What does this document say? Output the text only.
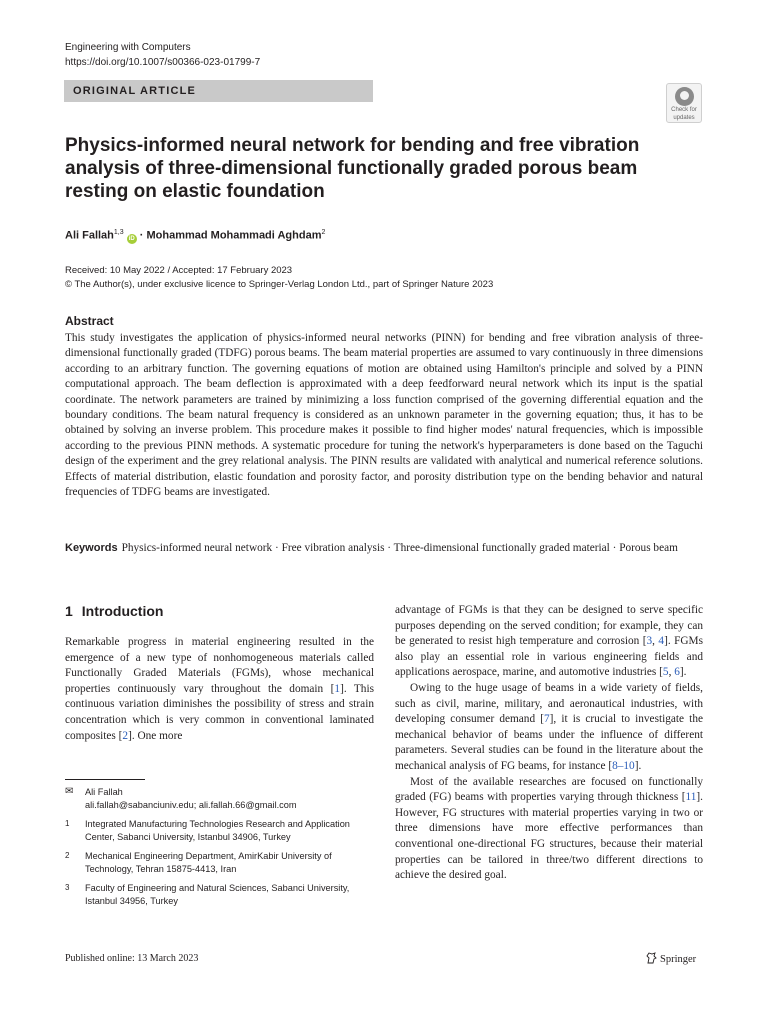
Engineering with Computers
https://doi.org/10.1007/s00366-023-01799-7
ORIGINAL ARTICLE
Check for
updates
Physics-informed neural network for bending and free vibration analysis of three-dimensional functionally graded porous beam resting on elastic foundation
Ali Fallah$^{1,3}$ iD · Mohammad Mohammadi Aghdam$^2$
Received: 10 May 2022 / Accepted: 17 February 2023
© The Author(s), under exclusive licence to Springer-Verlag London Ltd., part of Springer Nature 2023
Abstract

This study investigates the application of physics-informed neural networks (PINN) for bending and free vibration analysis of three-dimensional functionally graded (TDFG) porous beams. The beam material properties are assumed to vary continuously in three dimensions according to an arbitrary function. The governing equations of motion are obtained using Hamilton's principle and solved by a PINN computational approach. The beam deflection is approximated with a deep feedforward neural network which its input is the spatial coordinate. The network parameters are trained by minimizing a loss function comprised of the governing differential equation and the boundary conditions. The beam natural frequency is considered as an unknown parameter in the governing equation; thus, it has to be obtained by solving an inverse problem. This procedure makes it possible to find higher modes' natural frequencies, which is impossible according to the previous PINN methods. A systematic procedure for tuning the network's hyperparameters is done based on the Taguchi design of the experiment and the grey relational analysis. The PINN results are validated with analytical and numerical reference solutions. Effects of material distribution, elastic foundation and porosity factor, and porosity distribution type on the bending behavior and natural frequencies of TDFG beams are investigated.

Keywords Physics-informed neural network · Free vibration analysis · Three-dimensional functionally graded material · Porous beam
1 Introduction

Remarkable progress in material engineering resulted in the emergence of a new type of nonhomogeneous materials called Functionally Graded Materials (FGMs), whose mechanical properties continuously vary throughout the domain [1]. This continuous variation diminishes the possibility of stress and strain concentration which is very common in conventional laminated composites [2]. One more

✉	Ali Fallah
ali.fallah@sabanciuniv.edu; ali.fallah.66@gmail.com
1	Integrated Manufacturing Technologies Research and Application Center, Sabanci University, Istanbul 34906, Turkey
2	Mechanical Engineering Department, AmirKabir University of Technology, Tehran 15875-4413, Iran
3	Faculty of Engineering and Natural Sciences, Sabanci University, Istanbul 34956, Turkey

advantage of FGMs is that they can be designed to serve specific purposes depending on the served condition; for example, they can be generated to resist high temperature and corrosion [3, 4]. FGMs also play an essential role in various engineering fields and applications aerospace, marine, and automotive industries [5, 6].

Owing to the huge usage of beams in a wide variety of fields, such as civil, marine, military, and aeronautical industries, with developing consumer demand [7], it is crucial to investigate the mechanical behavior of beams under the influence of different parameters. Several studies can be found in the literature about the mechanical analysis of FG beams, for instance [8–10].

Most of the available researches are focused on functionally graded (FG) beams with properties varying through thickness [11]. However, FG structures with material properties varying in two or three dimensions have more effective performances than conventional one-directional FG structures, because their material properties can be tailored in three/two different directions to achieve the desired goal.

Published online: 13 March 2023	Springer
